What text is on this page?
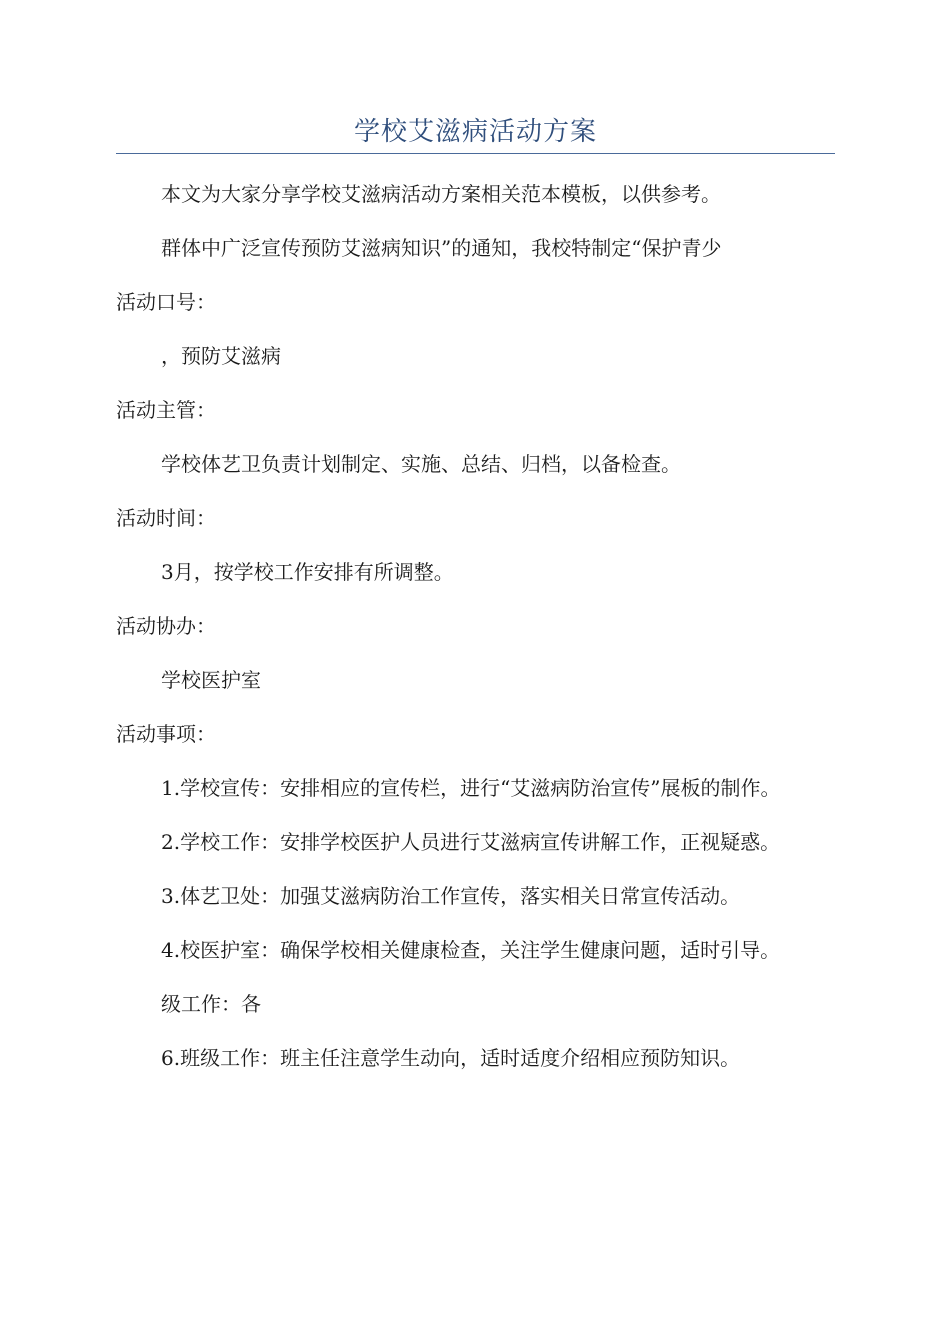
学校艾滋病活动方案

本文为大家分享学校艾滋病活动方案相关范本模板，以供参考。

群体中广泛宣传预防艾滋病知识”的通知，我校特制定“保护青少

活动口号：

，预防艾滋病

活动主管：

学校体艺卫负责计划制定、实施、总结、归档，以备检查。

活动时间：

3月，按学校工作安排有所调整。

活动协办：

学校医护室

活动事项：

1.学校宣传：安排相应的宣传栏，进行“艾滋病防治宣传”展板的制作。

2.学校工作：安排学校医护人员进行艾滋病宣传讲解工作，正视疑惑。

3.体艺卫处：加强艾滋病防治工作宣传，落实相关日常宣传活动。

4.校医护室：确保学校相关健康检查，关注学生健康问题，适时引导。

级工作：各

6.班级工作：班主任注意学生动向，适时适度介绍相应预防知识。
